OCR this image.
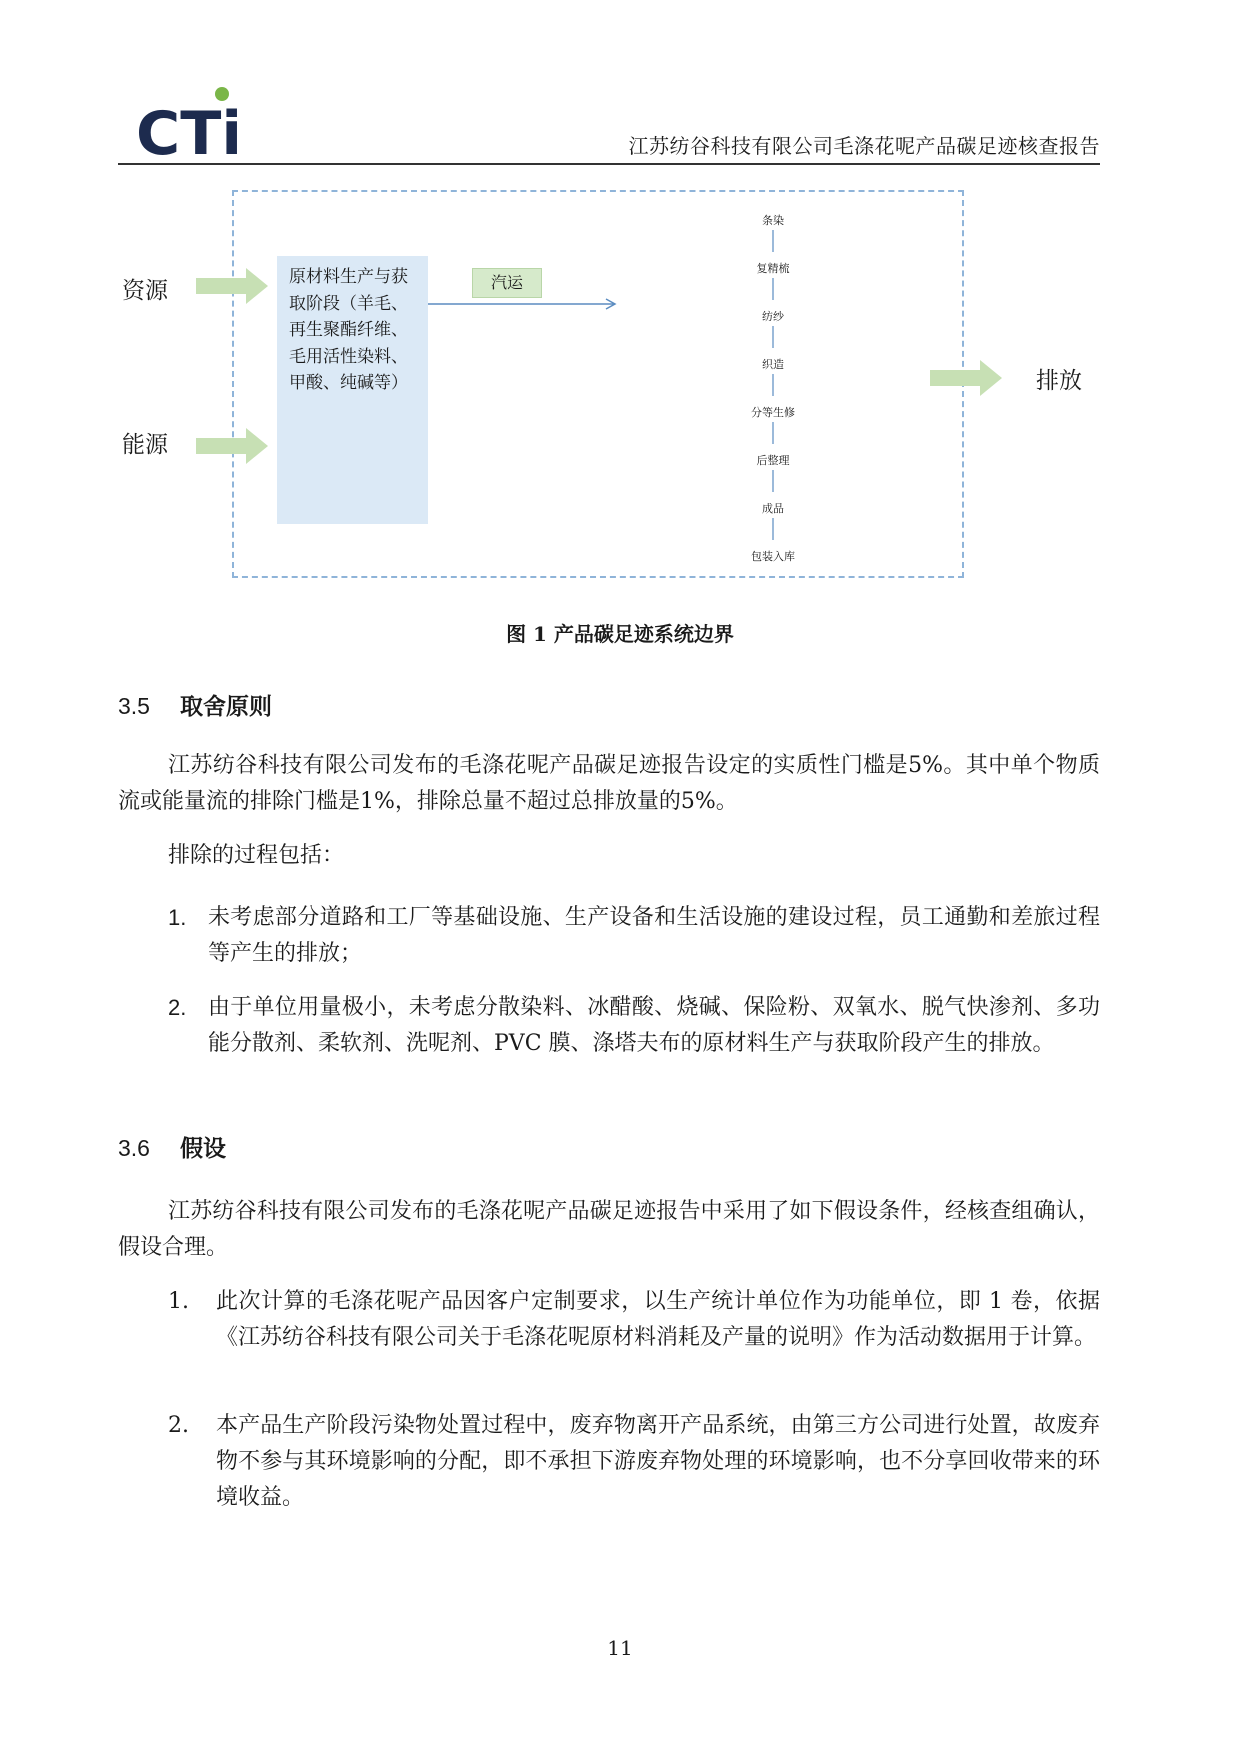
CTi	江苏纺谷科技有限公司毛涤花呢产品碳足迹核查报告
资源
能源
排放
原材料生产与获取阶段（羊毛、再生聚酯纤维、毛用活性染料、甲酸、纯碱等）
汽运
条染
复精梳
纺纱
织造
分等生修
后整理
成品
包装入库
图 1 产品碳足迹系统边界
3.5 取舍原则
江苏纺谷科技有限公司发布的毛涤花呢产品碳足迹报告设定的实质性门槛是5%。其中单个物质流或能量流的排除门槛是1%，排除总量不超过总排放量的5%。
排除的过程包括：
1. 未考虑部分道路和工厂等基础设施、生产设备和生活设施的建设过程，员工通勤和差旅过程等产生的排放；
2. 由于单位用量极小，未考虑分散染料、冰醋酸、烧碱、保险粉、双氧水、脱气快渗剂、多功能分散剂、柔软剂、洗呢剂、PVC 膜、涤塔夫布的原材料生产与获取阶段产生的排放。
3.6 假设
江苏纺谷科技有限公司发布的毛涤花呢产品碳足迹报告中采用了如下假设条件，经核查组确认，假设合理。
1. 此次计算的毛涤花呢产品因客户定制要求，以生产统计单位作为功能单位，即 1 卷，依据《江苏纺谷科技有限公司关于毛涤花呢原材料消耗及产量的说明》作为活动数据用于计算。
2. 本产品生产阶段污染物处置过程中，废弃物离开产品系统，由第三方公司进行处置，故废弃物不参与其环境影响的分配，即不承担下游废弃物处理的环境影响，也不分享回收带来的环境收益。
11
